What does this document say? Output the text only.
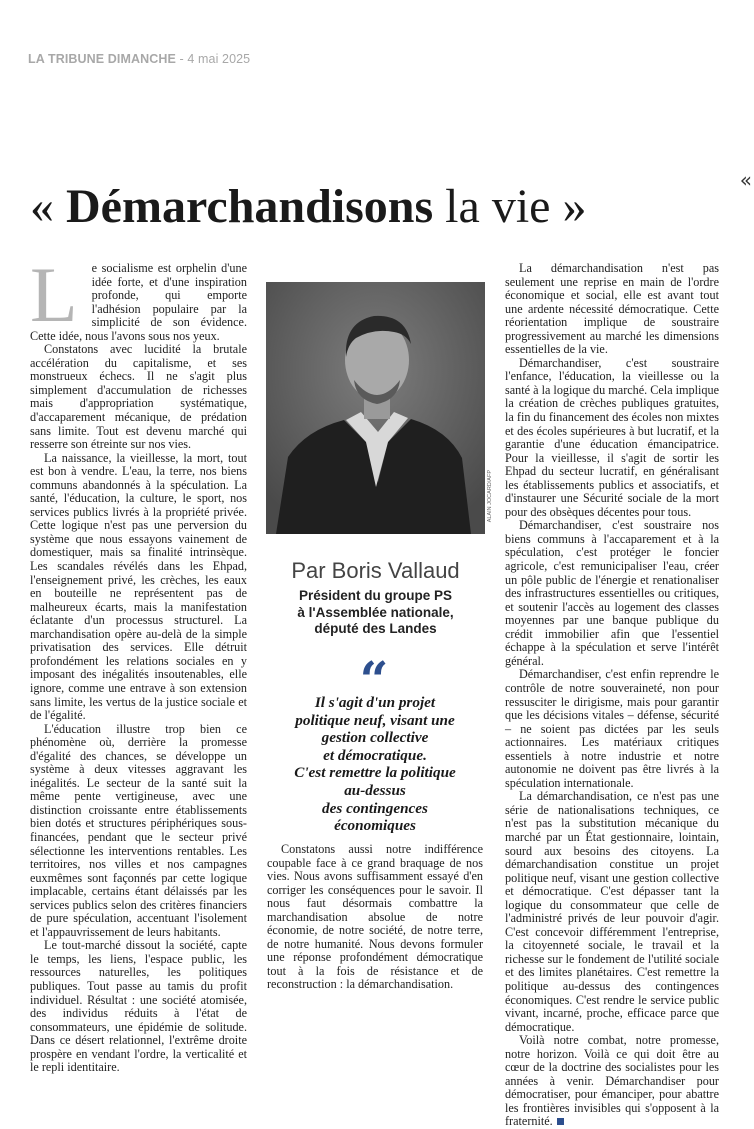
LA TRIBUNE DIMANCHE - 4 mai 2025
«
« Démarchandisons la vie »

L e socialisme est orphelin d'une idée forte, et d'une inspiration profonde, qui emporte l'adhésion populaire par la simplicité de son évidence. Cette idée, nous l'avons sous nos yeux.

Constatons avec lucidité la brutale accélération du capitalisme, et ses monstrueux échecs. Il ne s'agit plus simplement d'accumulation de richesses mais d'appropriation systématique, d'accaparement mécanique, de prédation sans limite. Tout est devenu marché qui resserre son étreinte sur nos vies.

La naissance, la vieillesse, la mort, tout est bon à vendre. L'eau, la terre, nos biens communs abandonnés à la spéculation. La santé, l'éducation, la culture, le sport, nos services publics livrés à la propriété privée. Cette logique n'est pas une perversion du système que nous essayons vainement de domestiquer, mais sa finalité intrinsèque. Les scandales révélés dans les Ehpad, l'enseignement privé, les crèches, les eaux en bouteille ne représentent pas de malheureux écarts, mais la manifestation éclatante d'un processus structurel. La marchandisation opère au-delà de la simple privatisation des services. Elle détruit profondément les relations sociales en y imposant des inégalités insoutenables, elle ignore, comme une entrave à son extension sans limite, les vertus de la justice sociale et de l'égalité.

L'éducation illustre trop bien ce phénomène où, derrière la promesse d'égalité des chances, se développe un système à deux vitesses aggravant les inégalités. Le secteur de la santé suit la même pente vertigineuse, avec une distinction croissante entre établissements bien dotés et structures périphériques sous-financées, pendant que le secteur privé sélectionne les interventions rentables. Les territoires, nos villes et nos campagnes euxmêmes sont façonnés par cette logique implacable, certains étant délaissés par les services publics selon des critères financiers de pure spéculation, accentuant l'isolement et l'appauvrissement de leurs habitants.

Le tout-marché dissout la société, capte le temps, les liens, l'espace public, les ressources naturelles, les politiques publiques. Tout passe au tamis du profit individuel. Résultat : une société atomisée, des individus réduits à l'état de consommateurs, une épidémie de solitude. Dans ce désert relationnel, l'extrême droite prospère en vendant l'ordre, la verticalité et le repli identitaire.

ALAIN JOCARD/AFP
Par Boris Vallaud
Président du groupe PS
à l'Assemblée nationale,
député des Landes
“
Il s'agit d'un projet
politique neuf, visant une
gestion collective
et démocratique.
C'est remettre la politique
au-dessus
des contingences
économiques

Constatons aussi notre indifférence coupable face à ce grand braquage de nos vies. Nous avons suffisamment essayé d'en corriger les conséquences pour le savoir. Il nous faut désormais combattre la marchandisation absolue de notre économie, de notre société, de notre terre, de notre humanité. Nous devons formuler une réponse profondément démocratique tout à la fois de résistance et de reconstruction : la démarchandisation.

La démarchandisation n'est pas seulement une reprise en main de l'ordre économique et social, elle est avant tout une ardente nécessité démocratique. Cette réorientation implique de soustraire progressivement au marché les dimensions essentielles de la vie.

Démarchandiser, c'est soustraire l'enfance, l'éducation, la vieillesse ou la santé à la logique du marché. Cela implique la création de crèches publiques gratuites, la fin du financement des écoles non mixtes et des écoles supérieures à but lucratif, et la garantie d'une éducation émancipatrice. Pour la vieillesse, il s'agit de sortir les Ehpad du secteur lucratif, en généralisant les établissements publics et associatifs, et d'instaurer une Sécurité sociale de la mort pour des obsèques décentes pour tous.

Démarchandiser, c'est soustraire nos biens communs à l'accaparement et à la spéculation, c'est protéger le foncier agricole, c'est remunicipaliser l'eau, créer un pôle public de l'énergie et renationaliser des infrastructures essentielles ou critiques, et soutenir l'accès au logement des classes moyennes par une banque publique du crédit immobilier afin que l'essentiel échappe à la spéculation et serve l'intérêt général.

Démarchandiser, c'est enfin reprendre le contrôle de notre souveraineté, non pour ressusciter le dirigisme, mais pour garantir que les décisions vitales – défense, sécurité – ne soient pas dictées par les seuls actionnaires. Les matériaux critiques essentiels à notre industrie et notre autonomie ne doivent pas être livrés à la spéculation internationale.

La démarchandisation, ce n'est pas une série de nationalisations techniques, ce n'est pas la substitution mécanique du marché par un État gestionnaire, lointain, sourd aux besoins des citoyens. La démarchandisation constitue un projet politique neuf, visant une gestion collective et démocratique. C'est dépasser tant la logique du consommateur que celle de l'administré privés de leur pouvoir d'agir. C'est concevoir différemment l'entreprise, la citoyenneté sociale, le travail et la richesse sur le fondement de l'utilité sociale et des limites planétaires. C'est remettre la politique au-dessus des contingences économiques. C'est rendre le service public vivant, incarné, proche, efficace parce que démocratique.

Voilà notre combat, notre promesse, notre horizon. Voilà ce qui doit être au cœur de la doctrine des socialistes pour les années à venir. Démarchandiser pour démocratiser, pour émanciper, pour abattre les frontières invisibles qui s'opposent à la fraternité.
